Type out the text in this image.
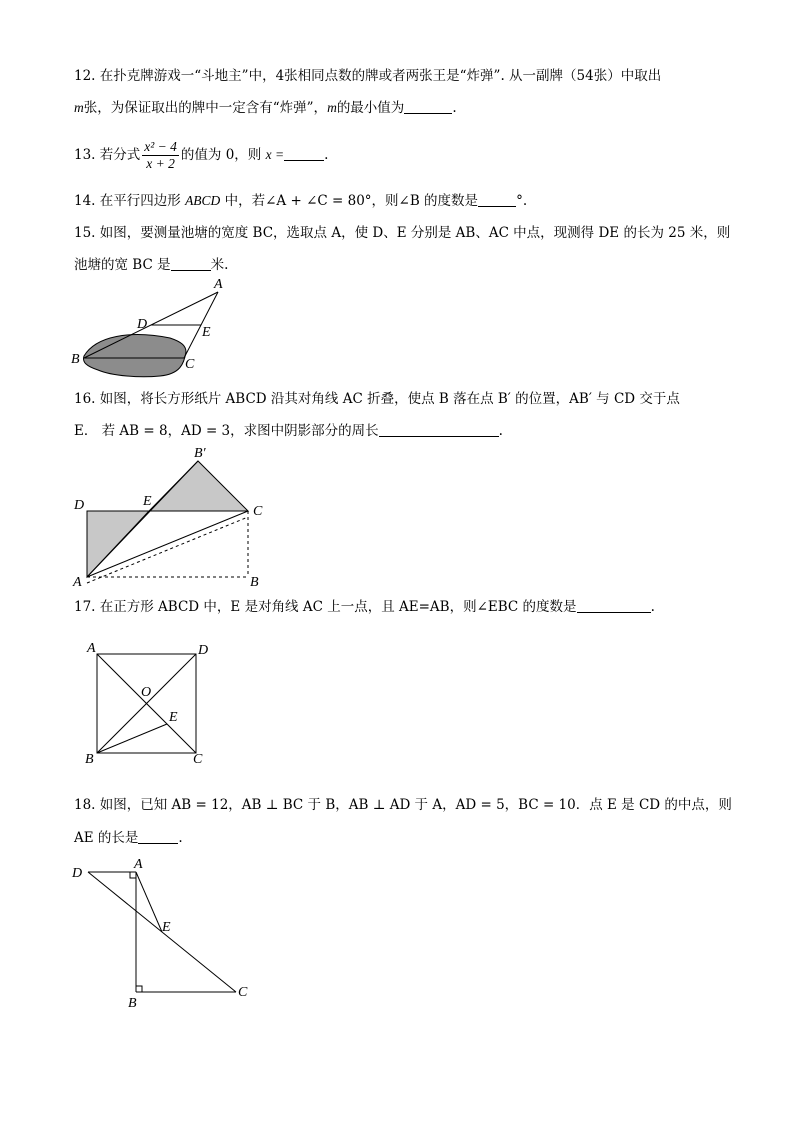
12. 在扑克牌游戏一“斗地主”中，4张相同点数的牌或者两张王是“炸弹”. 从一副牌（54张）中取出
m张，为保证取出的牌中一定含有“炸弹”，m的最小值为	.
13. 若分式 $\frac{\text{x² − 4}}{x + 2}$ 的值为 0，则 x =	.
14. 在平行四边形 ABCD 中，若∠A + ∠C = 80°，则∠B 的度数是	°.
15. 如图，要测量池塘的宽度 BC，选取点 A，使 D、E 分别是 AB、AC 中点，现测得 DE 的长为 25 米，则
池塘的宽 BC 是	米.
A
B	C
D
E
16. 如图，将长方形纸片 ABCD 沿其对角线 AC 折叠，使点 B 落在点 B′ 的位置，AB′ 与 CD 交于点
E． 若 AB = 8，AD = 3，求图中阴影部分的周长	.
B′
D	E
C
A	B
17. 在正方形 ABCD 中，E 是对角线 AC 上一点，且 AE=AB，则∠EBC 的度数是	.
A	D
O
E
B	C
18. 如图，已知 AB = 12，AB ⊥ BC 于 B，AB ⊥ AD 于 A，AD = 5，BC = 10．点 E 是 CD 的中点，则
AE 的长是	.
D
A
E
B
C
